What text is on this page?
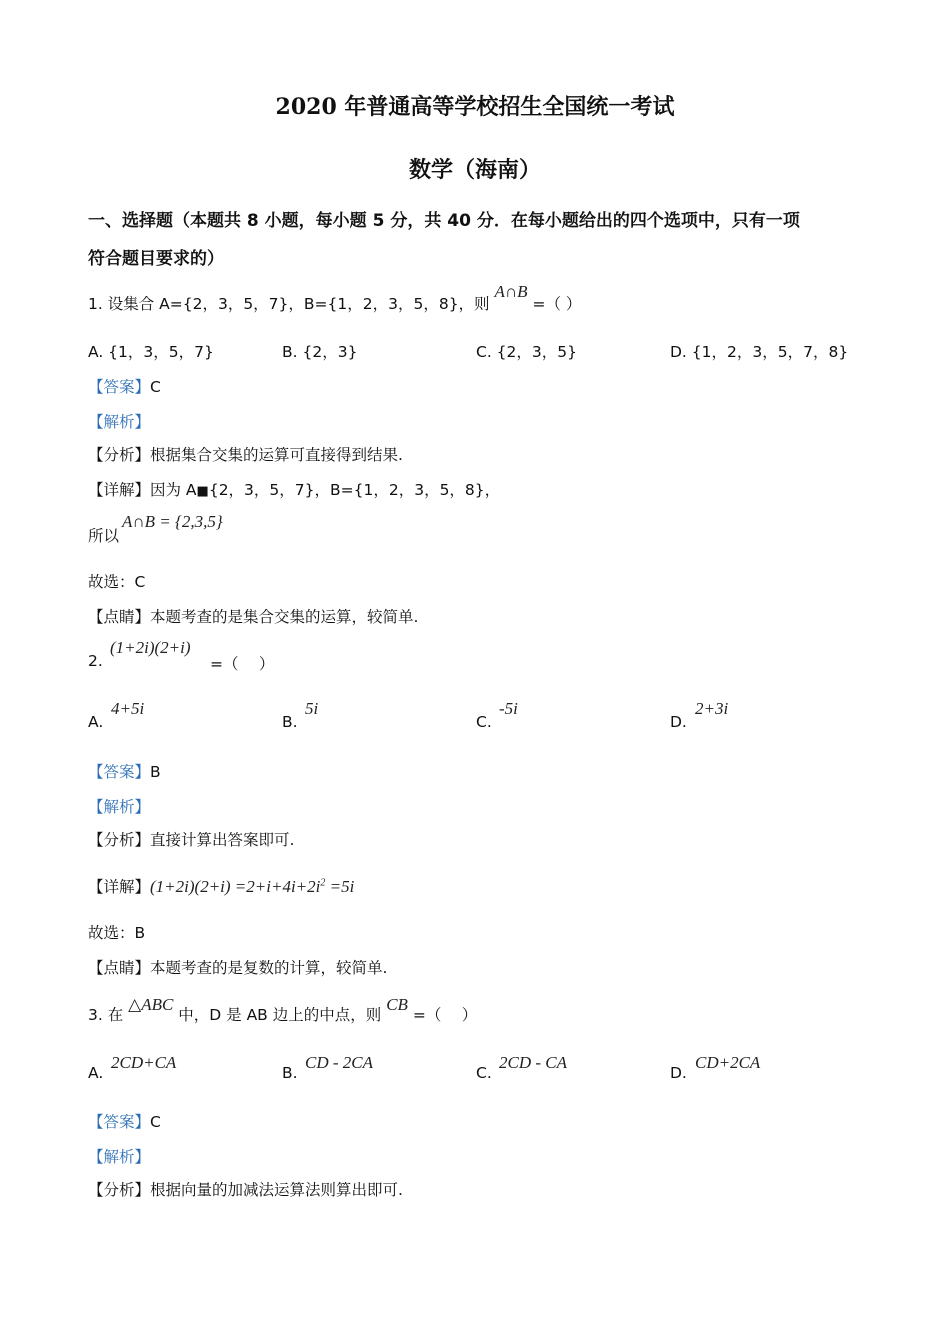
2020 年普通高等学校招生全国统一考试
数学（海南）
一、选择题（本题共 8 小题，每小题 5 分，共 40 分．在每小题给出的四个选项中，只有一项
符合题目要求的）
1. 设集合 A={2，3，5，7}，B={1，2，3，5，8}，则 A∩B =（ ）
A. {1，3，5，7}	B. {2，3}	C. {2，3，5}	D. {1，2，3，5，7，8}
【答案】C
【解析】
【分析】根据集合交集的运算可直接得到结果.
【详解】因为 A■{2，3，5，7}，B={1，2，3，5，8}，
所以
A∩B = {2,3,5}
故选：C
【点睛】本题考查的是集合交集的运算，较简单.
2.
(1+2i)(2+i)
=（　 ）
A.
4+5i
B.
5i
C.
-5i
D.
2+3i
【答案】B
【解析】
【分析】直接计算出答案即可.
【详解】$(1+2i)(2+i) =2+i+4i+2i^2 =5i$
故选：B
【点睛】本题考查的是复数的计算，较简单.
3. 在 △ABC 中，D 是 AB 边上的中点，则 CB =（　 ）
A.
2CD+CA
B.
CD - 2CA
C.
2CD - CA
D.
CD+2CA
【答案】C
【解析】
【分析】根据向量的加减法运算法则算出即可.
